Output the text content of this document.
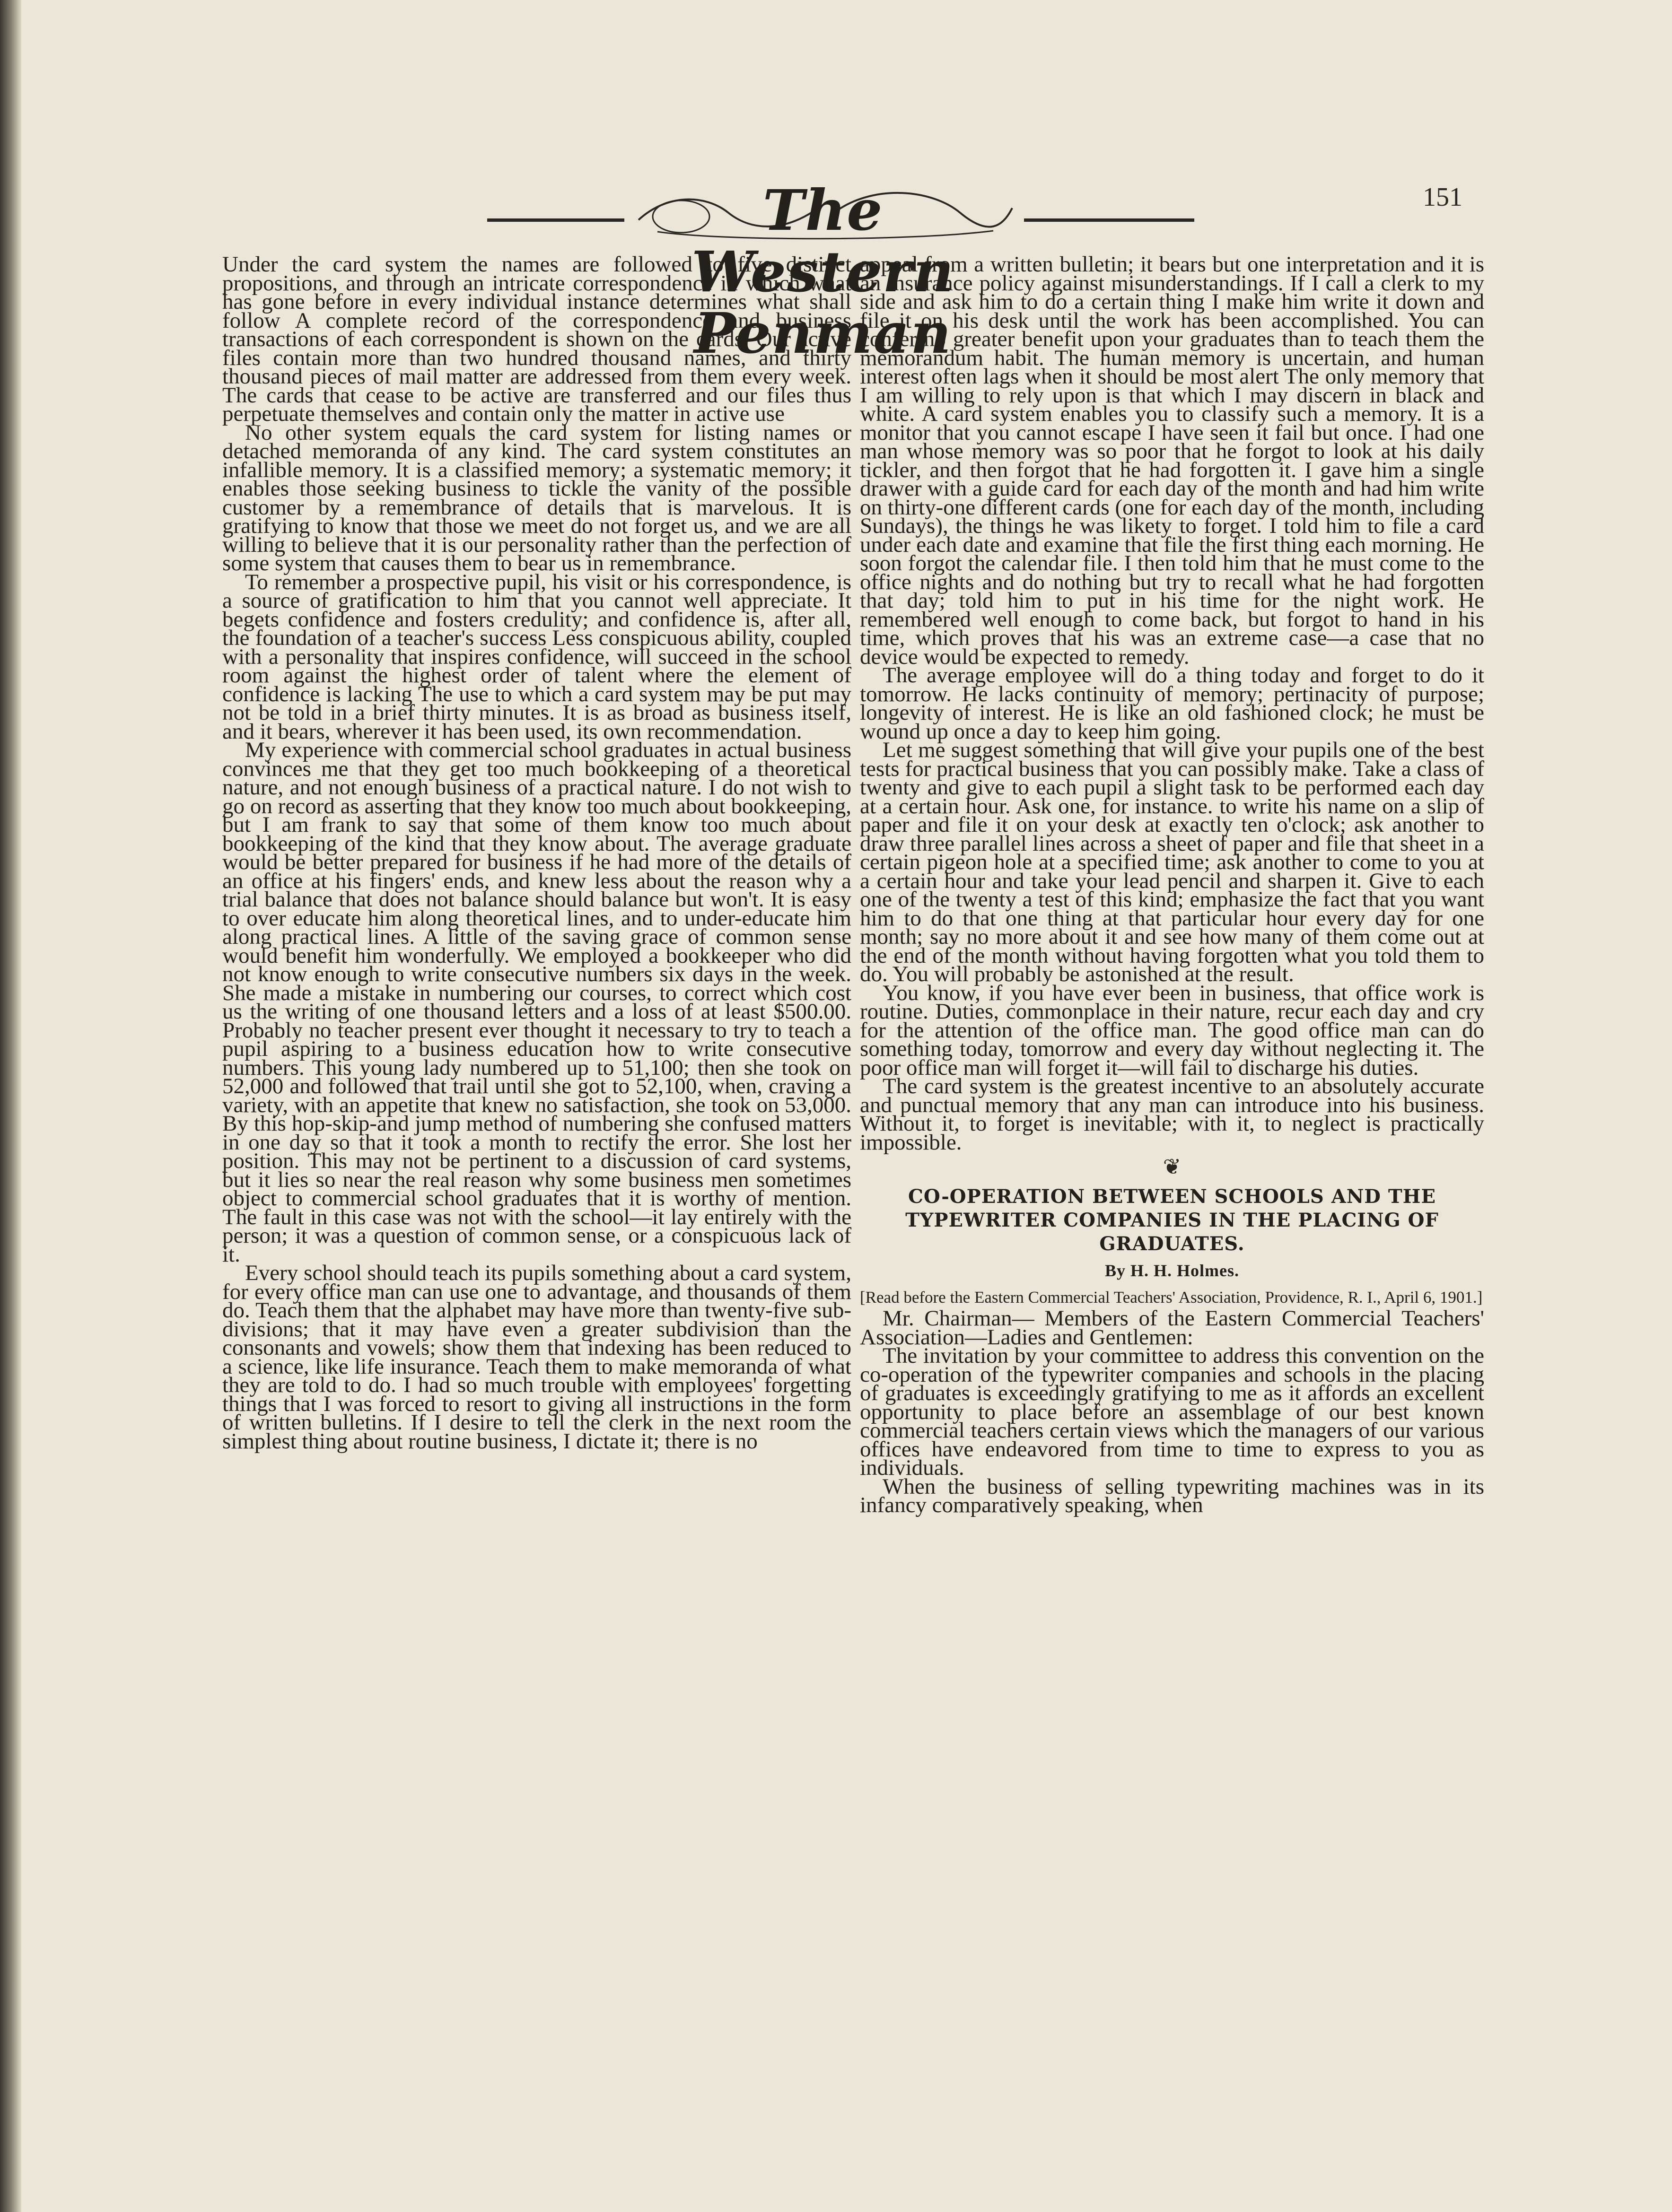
The Western Penman
151

Under the card system the names are followed to five distinct propositions, and through an intricate correspondence in which what has gone before in every individual instance determines what shall follow A complete record of the correspondence and business transactions of each correspondent is shown on the cards. Our active files contain more than two hundred thousand names, and thirty thousand pieces of mail matter are addressed from them every week. The cards that cease to be active are transferred and our files thus perpetuate themselves and contain only the matter in active use

No other system equals the card system for listing names or detached memoranda of any kind. The card system constitutes an infallible memory. It is a classified memory; a systematic memory; it enables those seeking business to tickle the vanity of the possible customer by a remembrance of details that is marvelous. It is gratifying to know that those we meet do not forget us, and we are all willing to believe that it is our personality rather than the perfection of some system that causes them to bear us in remembrance.

To remember a prospective pupil, his visit or his correspondence, is a source of gratification to him that you cannot well appreciate. It begets confidence and fosters credulity; and confidence is, after all, the foundation of a teacher's success Less conspicuous ability, coupled with a personality that inspires confidence, will succeed in the school room against the highest order of talent where the element of confidence is lacking The use to which a card system may be put may not be told in a brief thirty minutes. It is as broad as business itself, and it bears, wherever it has been used, its own recommendation.

My experience with commercial school graduates in actual business convinces me that they get too much bookkeeping of a theoretical nature, and not enough business of a practical nature. I do not wish to go on record as asserting that they know too much about bookkeeping, but I am frank to say that some of them know too much about bookkeeping of the kind that they know about. The average graduate would be better prepared for business if he had more of the details of an office at his fingers' ends, and knew less about the reason why a trial balance that does not balance should balance but won't. It is easy to over educate him along theoretical lines, and to under-educate him along practical lines. A little of the saving grace of common sense would benefit him wonderfully. We employed a bookkeeper who did not know enough to write consecutive numbers six days in the week. She made a mistake in numbering our courses, to correct which cost us the writing of one thousand letters and a loss of at least $500.00. Probably no teacher present ever thought it necessary to try to teach a pupil aspiring to a business education how to write consecutive numbers. This young lady numbered up to 51,100; then she took on 52,000 and followed that trail until she got to 52,100, when, craving a variety, with an appetite that knew no satisfaction, she took on 53,000. By this hop-skip-and jump method of numbering she confused matters in one day so that it took a month to rectify the error. She lost her position. This may not be pertinent to a discussion of card systems, but it lies so near the real reason why some business men sometimes object to commercial school graduates that it is worthy of mention. The fault in this case was not with the school—it lay entirely with the person; it was a question of common sense, or a conspicuous lack of it.

Every school should teach its pupils something about a card system, for every office man can use one to advantage, and thousands of them do. Teach them that the alphabet may have more than twenty-five sub-divisions; that it may have even a greater subdivision than the consonants and vowels; show them that indexing has been reduced to a science, like life insurance. Teach them to make memoranda of what they are told to do. I had so much trouble with employees' forgetting things that I was forced to resort to giving all instructions in the form of written bulletins. If I desire to tell the clerk in the next room the simplest thing about routine business, I dictate it; there is no

appeal from a written bulletin; it bears but one interpretation and it is an insurance policy against misunderstandings. If I call a clerk to my side and ask him to do a certain thing I make him write it down and file it on his desk until the work has been accomplished. You can confer no greater benefit upon your graduates than to teach them the memorandum habit. The human memory is uncertain, and human interest often lags when it should be most alert The only memory that I am willing to rely upon is that which I may discern in black and white. A card system enables you to classify such a memory. It is a monitor that you cannot escape I have seen it fail but once. I had one man whose memory was so poor that he forgot to look at his daily tickler, and then forgot that he had forgotten it. I gave him a single drawer with a guide card for each day of the month and had him write on thirty-one different cards (one for each day of the month, including Sundays), the things he was likety to forget. I told him to file a card under each date and examine that file the first thing each morning. He soon forgot the calendar file. I then told him that he must come to the office nights and do nothing but try to recall what he had forgotten that day; told him to put in his time for the night work. He remembered well enough to come back, but forgot to hand in his time, which proves that his was an extreme case—a case that no device would be expected to remedy.

The average employee will do a thing today and forget to do it tomorrow. He lacks continuity of memory; pertinacity of purpose; longevity of interest. He is like an old fashioned clock; he must be wound up once a day to keep him going.

Let me suggest something that will give your pupils one of the best tests for practical business that you can possibly make. Take a class of twenty and give to each pupil a slight task to be performed each day at a certain hour. Ask one, for instance. to write his name on a slip of paper and file it on your desk at exactly ten o'clock; ask another to draw three parallel lines across a sheet of paper and file that sheet in a certain pigeon hole at a specified time; ask another to come to you at a certain hour and take your lead pencil and sharpen it. Give to each one of the twenty a test of this kind; emphasize the fact that you want him to do that one thing at that particular hour every day for one month; say no more about it and see how many of them come out at the end of the month without having forgotten what you told them to do. You will probably be astonished at the result.

You know, if you have ever been in business, that office work is routine. Duties, commonplace in their nature, recur each day and cry for the attention of the office man. The good office man can do something today, tomorrow and every day without neglecting it. The poor office man will forget it—will fail to discharge his duties.

The card system is the greatest incentive to an absolutely accurate and punctual memory that any man can introduce into his business. Without it, to forget is inevitable; with it, to neglect is practically impossible.

❦
CO-OPERATION BETWEEN SCHOOLS AND THE TYPEWRITER COMPANIES IN THE PLACING OF GRADUATES.
By H. H. Holmes.

[Read before the Eastern Commercial Teachers' Association, Providence, R. I., April 6, 1901.]

Mr. Chairman— Members of the Eastern Commercial Teachers' Association—Ladies and Gentlemen:

The invitation by your committee to address this convention on the co-operation of the typewriter companies and schools in the placing of graduates is exceedingly gratifying to me as it affords an excellent opportunity to place before an assemblage of our best known commercial teachers certain views which the managers of our various offices have endeavored from time to time to express to you as individuals.

When the business of selling typewriting machines was in its infancy comparatively speaking, when
